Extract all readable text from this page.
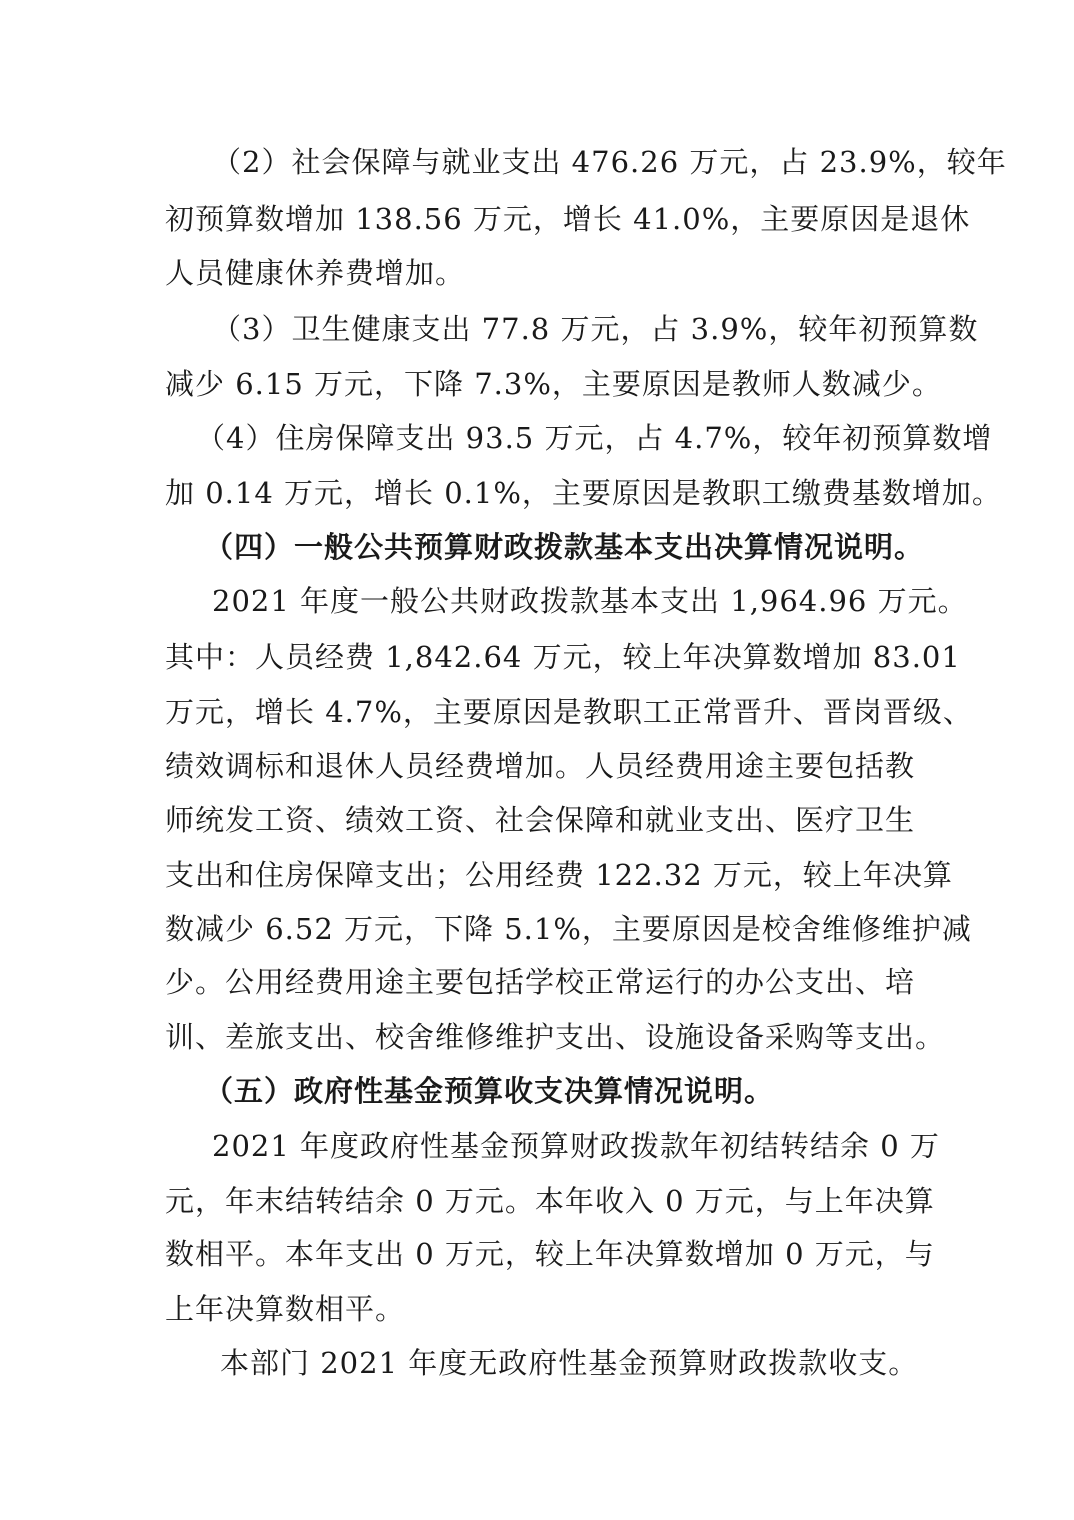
（2）社会保障与就业支出 476.26 万元，占 23.9%，较年
初预算数增加 138.56 万元，增长 41.0%，主要原因是退休
人员健康休养费增加。
（3）卫生健康支出 77.8 万元，占 3.9%，较年初预算数
减少 6.15 万元，下降 7.3%，主要原因是教师人数减少。
（4）住房保障支出 93.5 万元，占 4.7%，较年初预算数增
加 0.14 万元，增长 0.1%，主要原因是教职工缴费基数增加。
（四）一般公共预算财政拨款基本支出决算情况说明。
2021 年度一般公共财政拨款基本支出 1,964.96 万元。
其中：人员经费 1,842.64 万元，较上年决算数增加 83.01
万元，增长 4.7%，主要原因是教职工正常晋升、晋岗晋级、
绩效调标和退休人员经费增加。人员经费用途主要包括教
师统发工资、绩效工资、社会保障和就业支出、医疗卫生
支出和住房保障支出；公用经费 122.32 万元，较上年决算
数减少 6.52 万元，下降 5.1%，主要原因是校舍维修维护减
少。公用经费用途主要包括学校正常运行的办公支出、培
训、差旅支出、校舍维修维护支出、设施设备采购等支出。
（五）政府性基金预算收支决算情况说明。
2021 年度政府性基金预算财政拨款年初结转结余 0 万
元，年末结转结余 0 万元。本年收入 0 万元，与上年决算
数相平。本年支出 0 万元，较上年决算数增加 0 万元，与
上年决算数相平。
本部门 2021 年度无政府性基金预算财政拨款收支。
